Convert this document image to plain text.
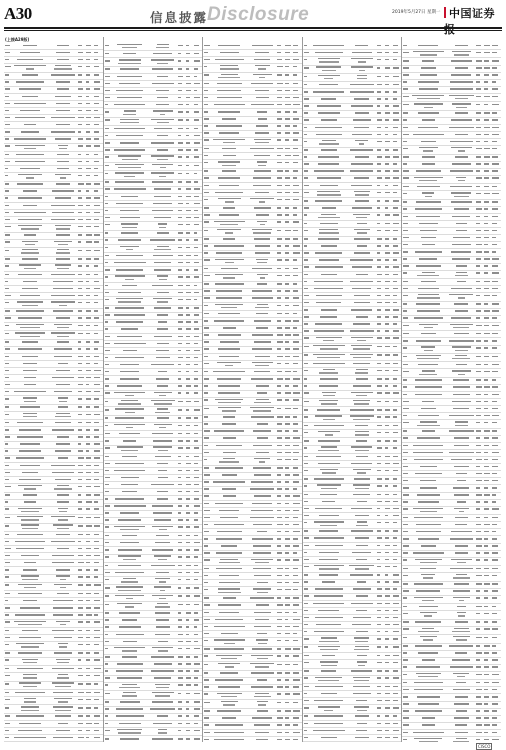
A30	信息披露
Disclosure	2019年5月27日 星期一 中国证券
(上接A29版)
CISCO
